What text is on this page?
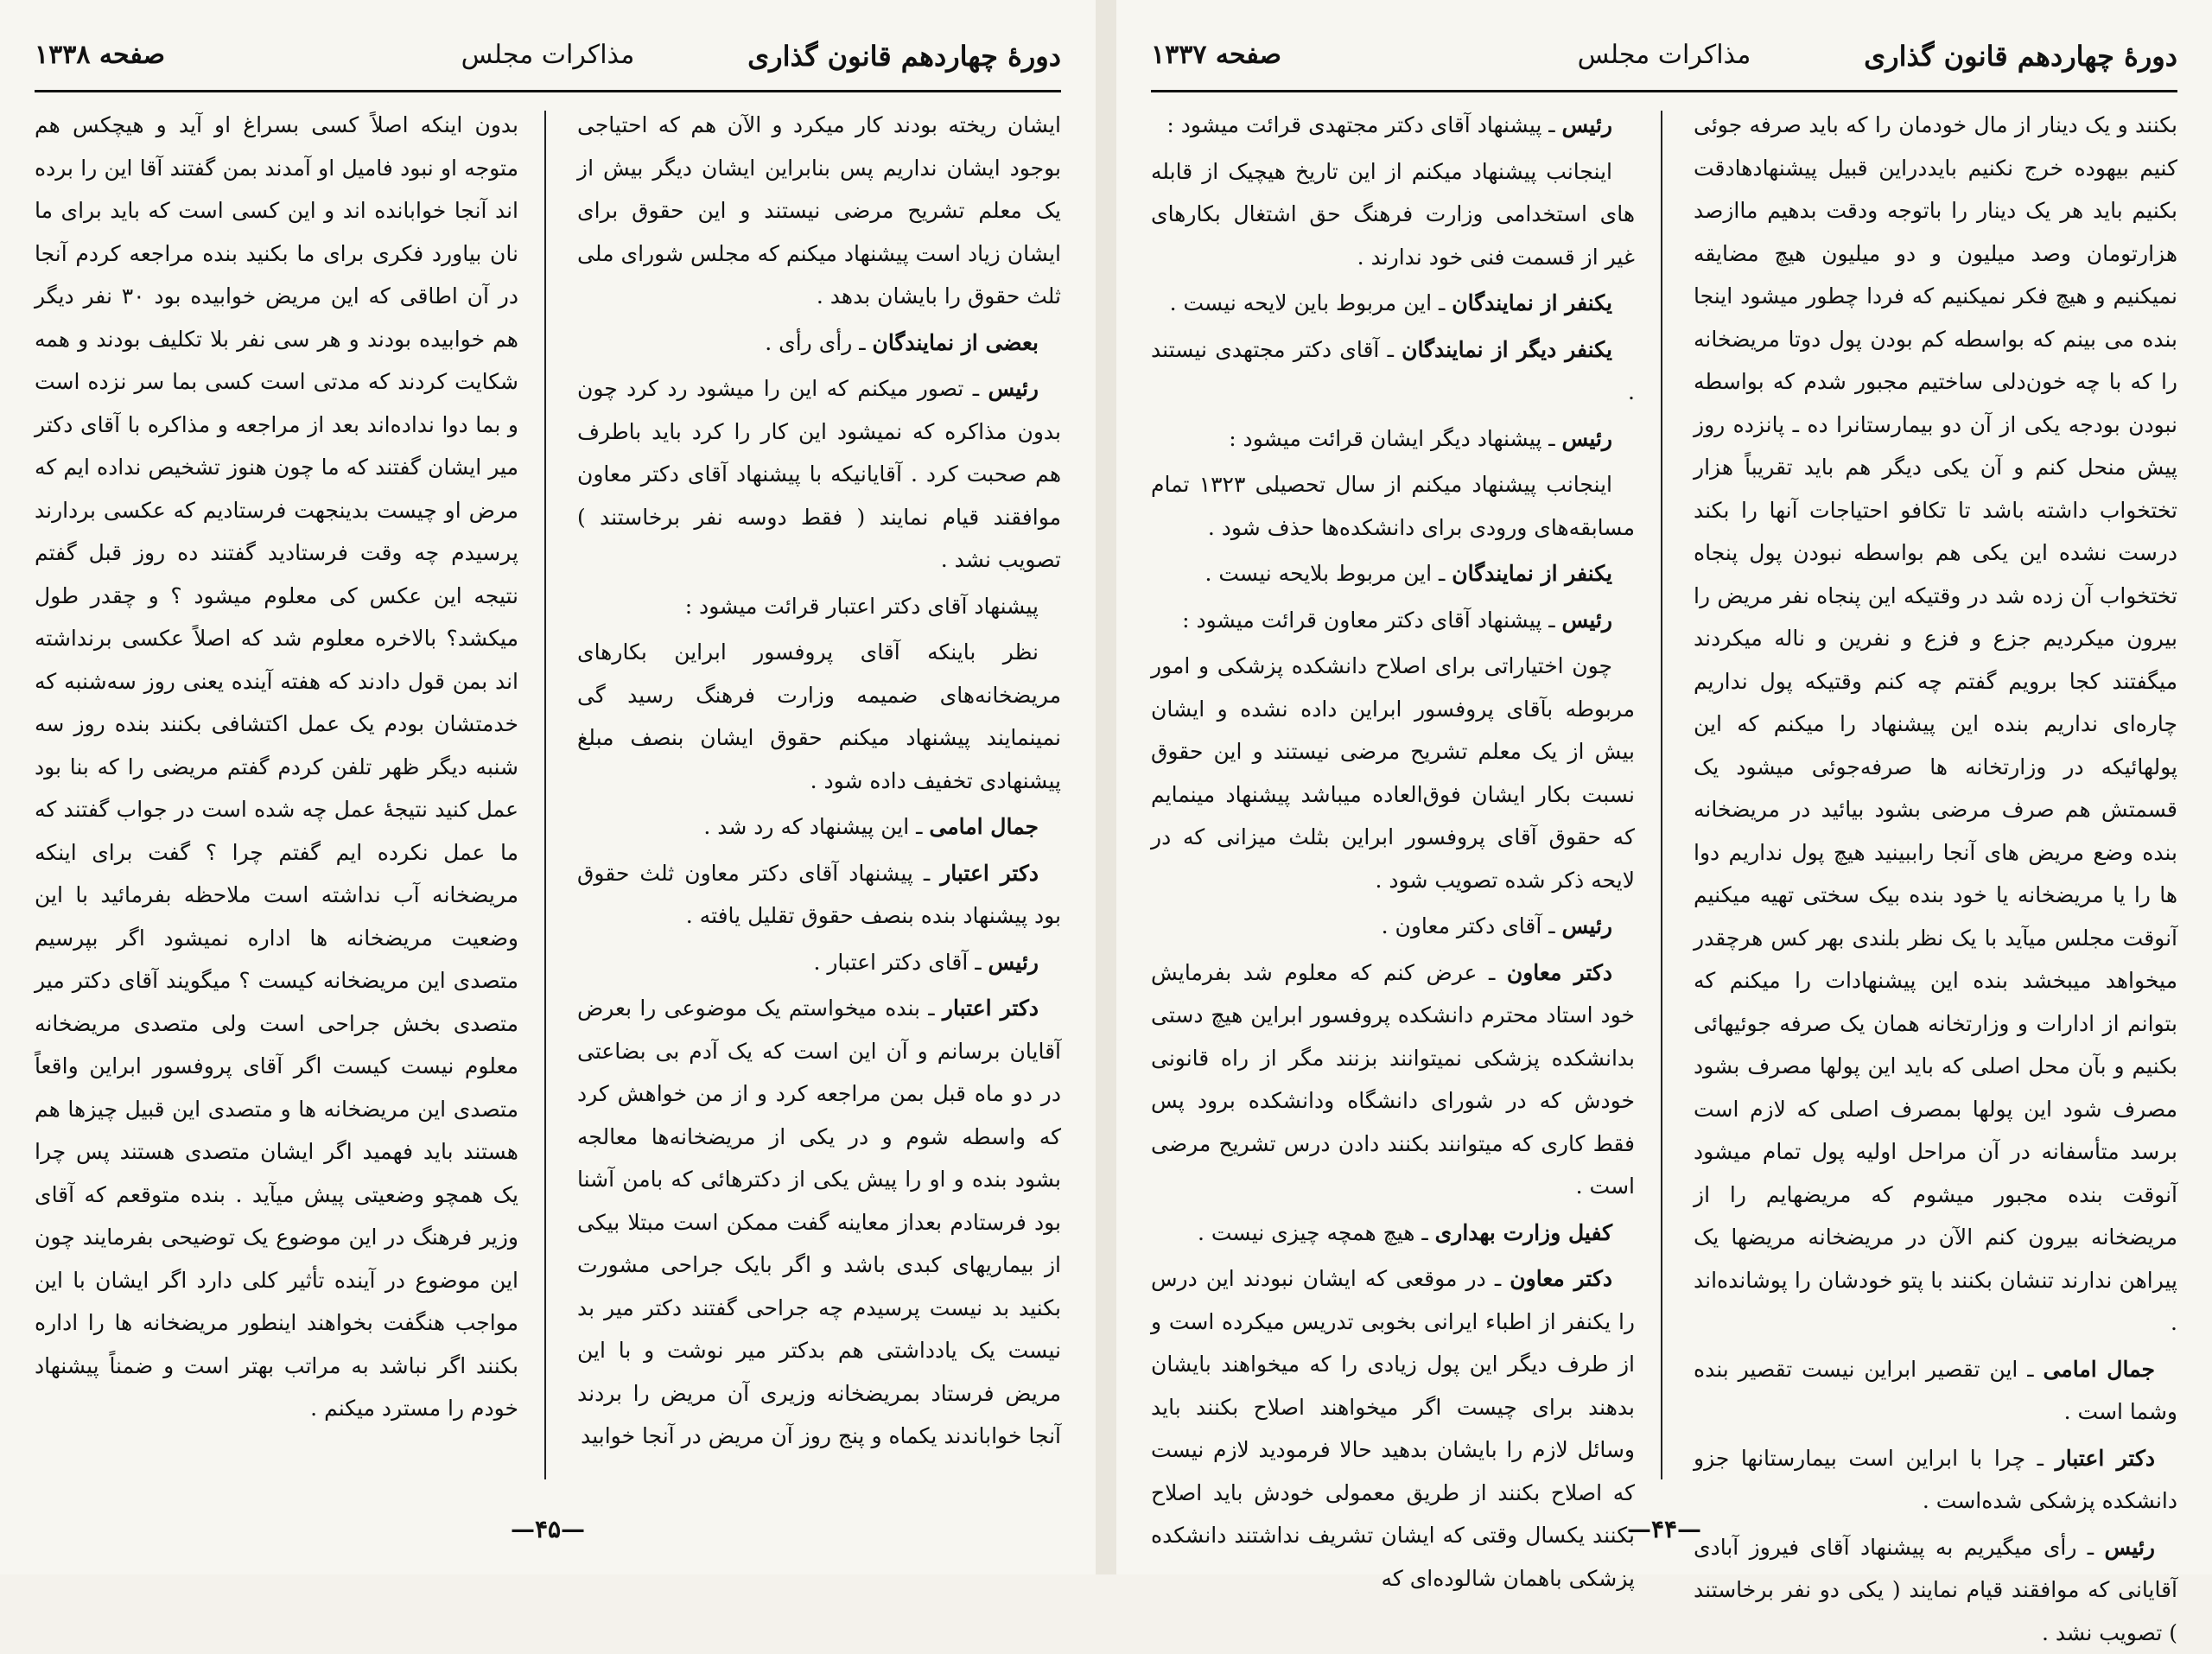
دورهٔ چهاردهم قانون گذاری
مذاکرات مجلس
صفحه ۱۳۳۸

ایشان ریخته بودند کار میکرد و الآن هم که احتیاجی بوجود ایشان نداریم پس بنابراین ایشان دیگر بیش از یک معلم تشریح مرضی نیستند و این حقوق برای ایشان زیاد است پیشنهاد میکنم که مجلس شورای ملی ثلث حقوق را بایشان بدهد .

بعضی از نمایندگان ـ رأی رأی .

رئیس ـ تصور میکنم که این را میشود رد کرد چون بدون مذاکره که نمیشود این کار را کرد باید باطرف هم صحبت کرد . آقایانیکه با پیشنهاد آقای دکتر معاون موافقند قیام نمایند ( فقط دوسه نفر برخاستند ) تصویب نشد .

پیشنهاد آقای دکتر اعتبار قرائت میشود :

نظر باینکه آقای پروفسور ابراین بکارهای مریضخانه‌های ضمیمه وزارت فرهنگ رسید گی نمینمایند پیشنهاد میکنم حقوق ایشان بنصف مبلغ پیشنهادی تخفیف داده شود .

جمال امامی ـ این پیشنهاد که رد شد .

دکتر اعتبار ـ پیشنهاد آقای دکتر معاون ثلث حقوق بود پیشنهاد بنده بنصف حقوق تقلیل یافته .

رئیس ـ آقای دکتر اعتبار .

دکتر اعتبار ـ بنده میخواستم یک موضوعی را بعرض آقایان برسانم و آن این است که یک آدم بی بضاعتی در دو ماه قبل بمن مراجعه کرد و از من خواهش کرد که واسطه شوم و در یکی از مریضخانه‌ها معالجه بشود بنده و او را پیش یکی از دکترهائی که بامن آشنا بود فرستادم بعداز معاینه گفت ممکن است مبتلا بیکی از بیماریهای کبدی باشد و اگر بایک جراحی مشورت بکنید بد نیست پرسیدم چه جراحی گفتند دکتر میر بد نیست یک یادداشتی هم بدکتر میر نوشت و با این مریض فرستاد بمریضخانه وزیری آن مریض را بردند آنجا خواباندند یکماه و پنج روز آن مریض در آنجا خوابید

بدون اینکه اصلاً کسی بسراغ او آید و هیچکس هم متوجه او نبود فامیل او آمدند بمن گفتند آقا این را برده اند آنجا خوابانده اند و این کسی است که باید برای ما نان بیاورد فکری برای ما بکنید بنده مراجعه کردم آنجا در آن اطاقی که این مریض خوابیده بود ۳۰ نفر دیگر هم خوابیده بودند و هر سی نفر بلا تکلیف بودند و همه شکایت کردند که مدتی است کسی بما سر نزده است و بما دوا نداده‌اند بعد از مراجعه و مذاکره با آقای دکتر میر ایشان گفتند که ما چون هنوز تشخیص نداده ایم که مرض او چیست بدینجهت فرستادیم که عکسی بردارند پرسیدم چه وقت فرستادید گفتند ده روز قبل گفتم نتیجه این عکس کی معلوم میشود ؟ و چقدر طول میکشد؟ بالاخره معلوم شد که اصلاً عکسی برنداشته اند بمن قول دادند که هفته آینده یعنی روز سه‌شنبه که خدمتشان بودم یک عمل اکتشافی بکنند بنده روز سه شنبه دیگر ظهر تلفن کردم گفتم مریضی را که بنا بود عمل کنید نتیجهٔ عمل چه شده است در جواب گفتند که ما عمل نکرده ایم گفتم چرا ؟ گفت برای اینکه مریضخانه آب نداشته است ملاحظه بفرمائید با این وضعیت مریضخانه ها اداره نمیشود اگر بپرسیم متصدی این مریضخانه کیست ؟ میگویند آقای دکتر میر متصدی بخش جراحی است ولی متصدی مریضخانه معلوم نیست کیست اگر آقای پروفسور ابراین واقعاً متصدی این مریضخانه ها و متصدی این قبیل چیزها هم هستند باید فهمید اگر ایشان متصدی هستند پس چرا یک همچو وضعیتی پیش میآید . بنده متوقعم که آقای وزیر فرهنگ در این موضوع یک توضیحی بفرمایند چون این موضوع در آینده تأثیر کلی دارد اگر ایشان با این مواجب هنگفت بخواهند اینطور مریضخانه ها را اداره بکنند اگر نباشد به مراتب بهتر است و ضمناً پیشنهاد خودم را مسترد میکنم .

—۴۵—
دورهٔ چهاردهم قانون گذاری
مذاکرات مجلس
صفحه ۱۳۳۷

بکنند و یک دینار از مال خودمان را که باید صرفه جوئی کنیم بیهوده خرج نکنیم بایددراین قبیل پیشنهادهادقت بکنیم باید هر یک دینار را باتوجه ودقت بدهیم ماازصد هزارتومان وصد میلیون و دو میلیون هیچ مضایقه نمیکنیم و هیچ فکر نمیکنیم که فردا چطور میشود اینجا بنده می بینم که بواسطه کم بودن پول دوتا مریضخانه را که با چه خون‌دلی ساختیم مجبور شدم که بواسطه نبودن بودجه یکی از آن دو بیمارستانرا ده ـ پانزده روز پیش منحل کنم و آن یکی دیگر هم باید تقریباً هزار تختخواب داشته باشد تا تکافو احتیاجات آنها را بکند درست نشده این یکی هم بواسطه نبودن پول پنجاه تختخواب آن زده شد در وقتیکه این پنجاه نفر مریض را بیرون میکردیم جزع و فزع و نفرین و ناله میکردند میگفتند کجا برویم گفتم چه کنم وقتیکه پول نداریم چاره‌ای نداریم بنده این پیشنهاد را میکنم که این پولهائیکه در وزارتخانه ها صرفه‌جوئی میشود یک قسمتش هم صرف مرضی بشود بیائید در مریضخانه بنده وضع مریض های آنجا راببینید هیچ پول نداریم دوا ها را یا مریضخانه یا خود بنده بیک سختی تهیه میکنیم آنوقت مجلس میآید با یک نظر بلندی بهر کس هرچقدر میخواهد میبخشد بنده این پیشنهادات را میکنم که بتوانم از ادارات و وزارتخانه همان یک صرفه جوئیهائی بکنیم و بآن محل اصلی که باید این پولها مصرف بشود مصرف شود این پولها بمصرف اصلی که لازم است برسد متأسفانه در آن مراحل اولیه پول تمام میشود آنوقت بنده مجبور میشوم که مریضهایم را از مریضخانه بیرون کنم الآن در مریضخانه مریضها یک پیراهن ندارند تنشان بکنند با پتو خودشان را پوشانده‌اند .

جمال امامی ـ این تقصیر ابراین نیست تقصیر بنده وشما است .

دکتر اعتبار ـ چرا با ابراین است بیمارستانها جزو دانشکده پزشکی شده‌است .

رئیس ـ رأی میگیریم به پیشنهاد آقای فیروز آبادی آقایانی که موافقند قیام نمایند ( یکی دو نفر برخاستند ) تصویب نشد .

رئیس ـ پیشنهاد آقای دکتر مجتهدی قرائت میشود :

اینجانب پیشنهاد میکنم از این تاریخ هیچیک از قابله های استخدامی وزارت فرهنگ حق اشتغال بکارهای غیر از قسمت فنی خود ندارند .

یکنفر از نمایندگان ـ این مربوط باین لایحه نیست .

یکنفر دیگر از نمایندگان ـ آقای دکتر مجتهدی نیستند .

رئیس ـ پیشنهاد دیگر ایشان قرائت میشود :

اینجانب پیشنهاد میکنم از سال تحصیلی ۱۳۲۳ تمام مسابقه‌های ورودی برای دانشکده‌ها حذف شود .

یکنفر از نمایندگان ـ این مربوط بلایحه نیست .

رئیس ـ پیشنهاد آقای دکتر معاون قرائت میشود :

چون اختیاراتی برای اصلاح دانشکده پزشکی و امور مربوطه بآقای پروفسور ابراین داده نشده و ایشان بیش از یک معلم تشریح مرضی نیستند و این حقوق نسبت بکار ایشان فوق‌العاده میباشد پیشنهاد مینمایم که حقوق آقای پروفسور ابراین بثلث میزانی که در لایحه ذکر شده تصویب شود .

رئیس ـ آقای دکتر معاون .

دکتر معاون ـ عرض کنم که معلوم شد بفرمایش خود استاد محترم دانشکده پروفسور ابراین هیچ دستی بدانشکده پزشکی نمیتوانند بزنند مگر از راه قانونی خودش که در شورای دانشگاه ودانشکده برود پس فقط کاری که میتوانند بکنند دادن درس تشریح مرضی است .

کفیل وزارت بهداری ـ هیچ همچه چیزی نیست .

دکتر معاون ـ در موقعی که ایشان نبودند این درس را یکنفر از اطباء ایرانی بخوبی تدریس میکرده است و از طرف دیگر این پول زیادی را که میخواهند بایشان بدهند برای چیست اگر میخواهند اصلاح بکنند باید وسائل لازم را بایشان بدهید حالا فرمودید لازم نیست که اصلاح بکنند از طریق معمولی خودش باید اصلاح بکنند یکسال وقتی که ایشان تشریف نداشتند دانشکده پزشکی باهمان شالوده‌ای که

—۴۴—
